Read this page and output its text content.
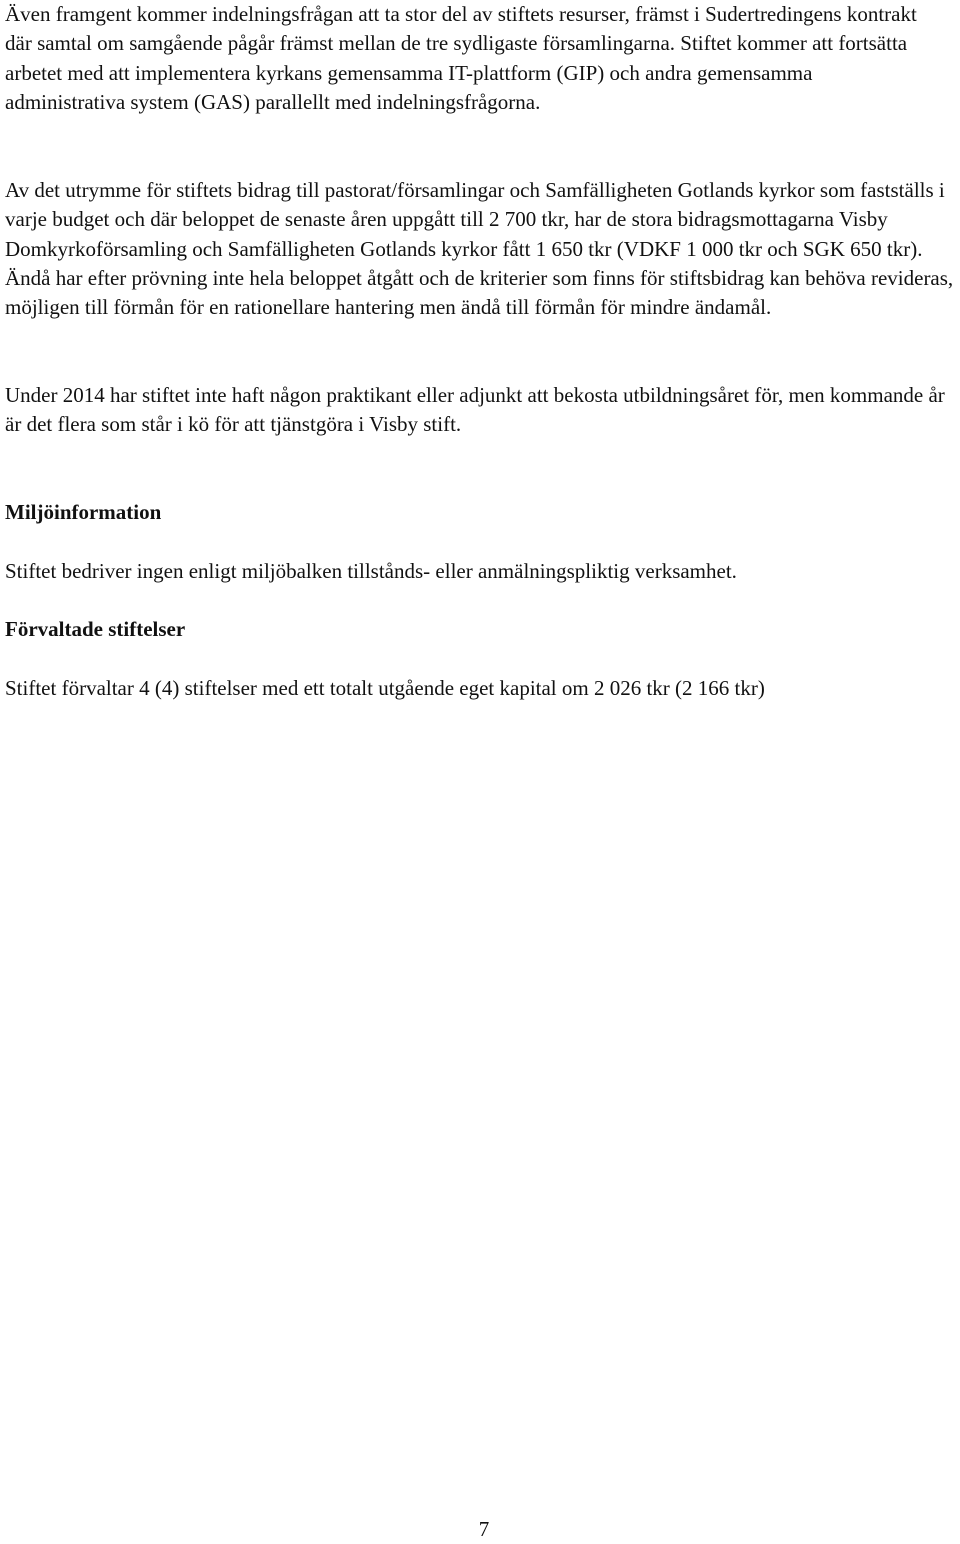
Även framgent kommer indelningsfrågan att ta stor del av stiftets resurser, främst i Sudertredingens kontrakt där samtal om samgående pågår främst mellan de tre sydligaste församlingarna. Stiftet kommer att fortsätta arbetet med att implementera kyrkans gemensamma IT-plattform (GIP) och andra gemensamma administrativa system (GAS) parallellt med indelningsfrågorna.

Av det utrymme för stiftets bidrag till pastorat/församlingar och Samfälligheten Gotlands kyrkor som fastställs i varje budget och där beloppet de senaste åren uppgått till 2 700 tkr, har de stora bidragsmottagarna Visby Domkyrkoförsamling och Samfälligheten Gotlands kyrkor fått 1 650 tkr (VDKF 1 000 tkr och SGK 650 tkr). Ändå har efter prövning inte hela beloppet åtgått och de kriterier som finns för stiftsbidrag kan behöva revideras, möjligen till förmån för en rationellare hantering men ändå till förmån för mindre ändamål.

Under 2014 har stiftet inte haft någon praktikant eller adjunkt att bekosta utbildningsåret för, men kommande år är det flera som står i kö för att tjänstgöra i Visby stift.

Miljöinformation

Stiftet bedriver ingen enligt miljöbalken tillstånds- eller anmälningspliktig verksamhet.

Förvaltade stiftelser

Stiftet förvaltar 4 (4) stiftelser med ett totalt utgående eget kapital om 2 026 tkr (2 166 tkr)

7
